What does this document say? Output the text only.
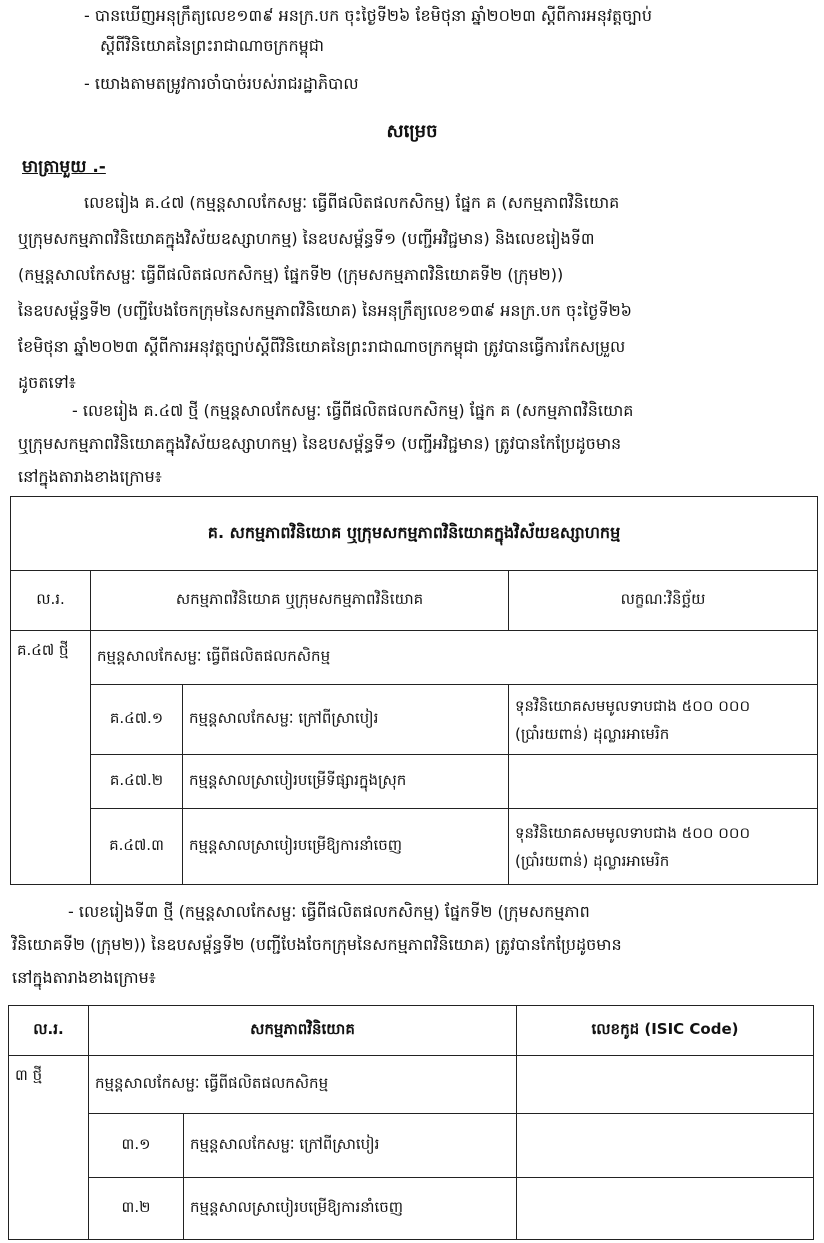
- បានឃើញអនុក្រឹត្យលេខ១៣៩ អនក្រ.បក ចុះថ្ងៃទី២៦ ខែមិថុនា ឆ្នាំ២០២៣ ស្ដីពីការអនុវត្តច្បាប់
ស្ដីពីវិនិយោគនៃព្រះរាជាណាចក្រកម្ពុជា
- យោងតាមតម្រូវការចាំបាច់របស់រាជរដ្ឋាភិបាល
សម្រេច
មាត្រាមួយ .-
លេខរៀង គ.៤៧ (កម្មន្តសាលកែសម្ផៈ ធ្វើពីផលិតផលកសិកម្ម) ផ្នែក គ (សកម្មភាពវិនិយោគ
ឬក្រុមសកម្មភាពវិនិយោគក្នុងវិស័យឧស្សាហកម្ម) នៃឧបសម្ព័ន្ធទី១ (បញ្ជីអវិជ្ជមាន) និងលេខរៀងទី៣
(កម្មន្តសាលកែសម្ផៈ ធ្វើពីផលិតផលកសិកម្ម) ផ្នែកទី២ (ក្រុមសកម្មភាពវិនិយោគទី២ (ក្រុម២))
នៃឧបសម្ព័ន្ធទី២ (បញ្ជីបែងចែកក្រុមនៃសកម្មភាពវិនិយោគ) នៃអនុក្រឹត្យលេខ១៣៩ អនក្រ.បក ចុះថ្ងៃទី២៦
ខែមិថុនា ឆ្នាំ២០២៣ ស្ដីពីការអនុវត្តច្បាប់ស្ដីពីវិនិយោគនៃព្រះរាជាណាចក្រកម្ពុជា ត្រូវបានធ្វើការកែសម្រួល
ដូចតទៅ៖
- លេខរៀង គ.៤៧ ថ្មី (កម្មន្តសាលកែសម្ផៈ ធ្វើពីផលិតផលកសិកម្ម) ផ្នែក គ (សកម្មភាពវិនិយោគ
ឬក្រុមសកម្មភាពវិនិយោគក្នុងវិស័យឧស្សាហកម្ម) នៃឧបសម្ព័ន្ធទី១ (បញ្ជីអវិជ្ជមាន) ត្រូវបានកែប្រែដូចមាន
នៅក្នុងតារាងខាងក្រោម៖
គ. សកម្មភាពវិនិយោគ ឬក្រុមសកម្មភាពវិនិយោគក្នុងវិស័យឧស្សាហកម្ម			
ល.រ.	សកម្មភាពវិនិយោគ ឬក្រុមសកម្មភាពវិនិយោគ		លក្ខណៈវិនិច្ឆ័យ
គ.៤៧ ថ្មី	កម្មន្តសាលកែសម្ផៈ ធ្វើពីផលិតផលកសិកម្ម		
	គ.៤៧.១	កម្មន្តសាលកែសម្ផៈ ក្រៅពីស្រាបៀរ	ទុនវិនិយោគសមមូលទាបជាង ៥០០ ០០០
(ប្រាំរយពាន់) ដុល្លារអាមេរិក

	គ.៤៧.២	កម្មន្តសាលស្រាបៀរបម្រើទីផ្សារក្នុងស្រុក	
	គ.៤៧.៣	កម្មន្តសាលស្រាបៀរបម្រើឱ្យការនាំចេញ	ទុនវិនិយោគសមមូលទាបជាង ៥០០ ០០០
(ប្រាំរយពាន់) ដុល្លារអាមេរិក
- លេខរៀងទី៣ ថ្មី (កម្មន្តសាលកែសម្ផៈ ធ្វើពីផលិតផលកសិកម្ម) ផ្នែកទី២ (ក្រុមសកម្មភាព
វិនិយោគទី២ (ក្រុម២)) នៃឧបសម្ព័ន្ធទី២ (បញ្ជីបែងចែកក្រុមនៃសកម្មភាពវិនិយោគ) ត្រូវបានកែប្រែដូចមាន
នៅក្នុងតារាងខាងក្រោម៖
ល.រ.	សកម្មភាពវិនិយោគ		លេខកូដ (ISIC Code)
៣ ថ្មី	កម្មន្តសាលកែសម្ផៈ ធ្វើពីផលិតផលកសិកម្ម		
	៣.១	កម្មន្តសាលកែសម្ផៈ ក្រៅពីស្រាបៀរ	
	៣.២	កម្មន្តសាលស្រាបៀរបម្រើឱ្យការនាំចេញ	
